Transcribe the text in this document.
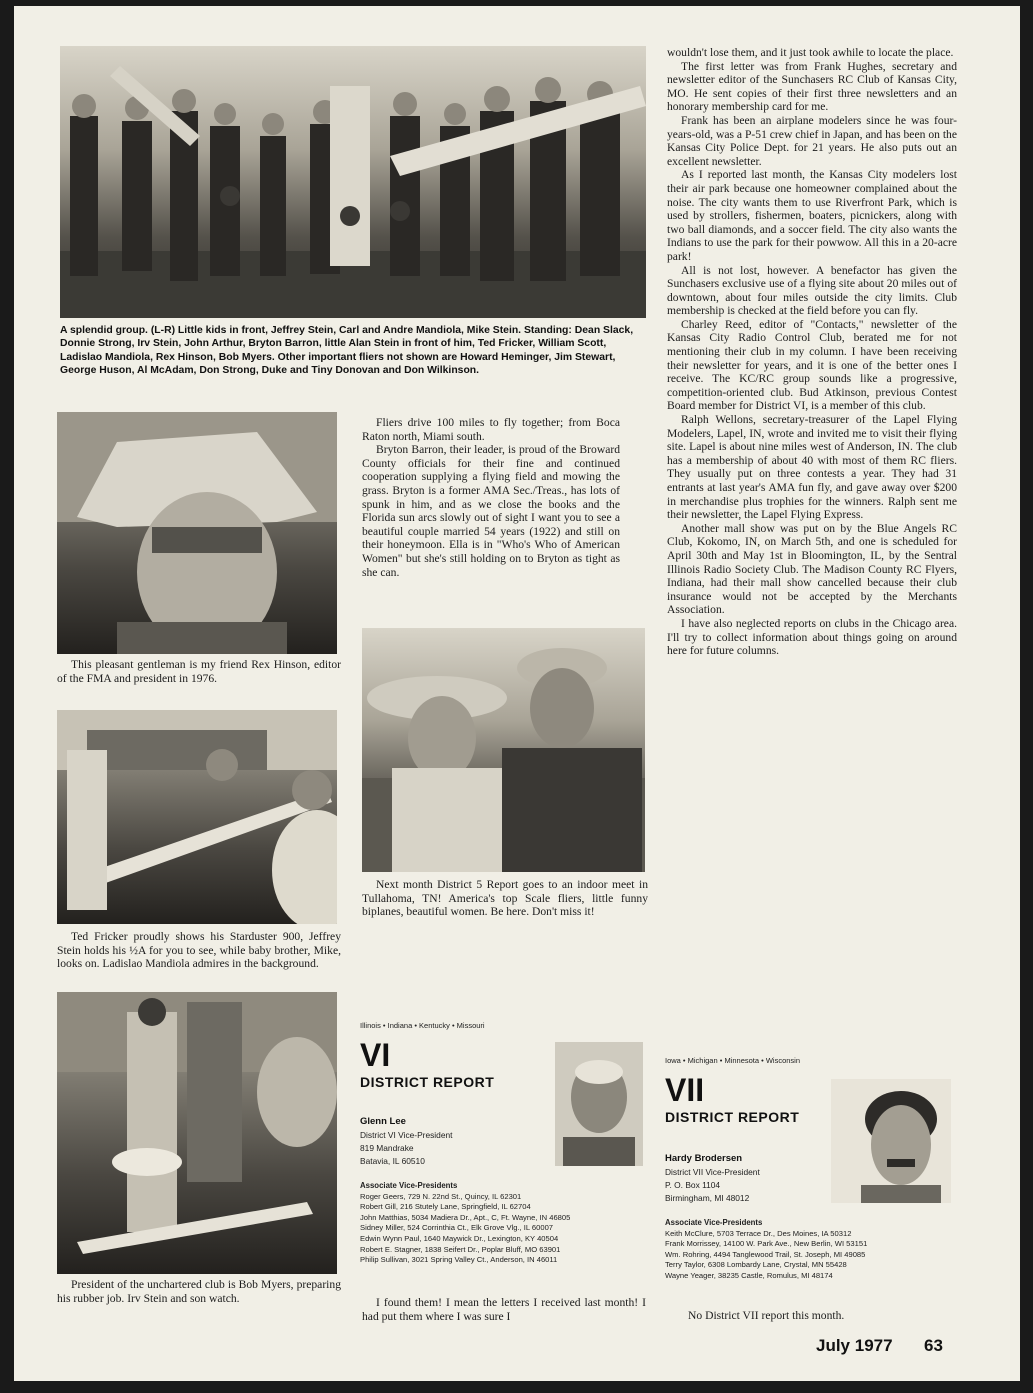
A splendid group. (L-R) Little kids in front, Jeffrey Stein, Carl and Andre Mandiola, Mike Stein. Standing: Dean Slack, Donnie Strong, Irv Stein, John Arthur, Bryton Barron, little Alan Stein in front of him, Ted Fricker, William Scott, Ladislao Mandiola, Rex Hinson, Bob Myers. Other important fliers not shown are Howard Heminger, Jim Stewart, George Huson, Al McAdam, Don Strong, Duke and Tiny Donovan and Don Wilkinson.

This pleasant gentleman is my friend Rex Hinson, editor of the FMA and president in 1976.

Ted Fricker proudly shows his Starduster 900, Jeffrey Stein holds his ½A for you to see, while baby brother, Mike, looks on. Ladislao Mandiola admires in the background.

President of the unchartered club is Bob Myers, preparing his rubber job. Irv Stein and son watch.

Fliers drive 100 miles to fly together; from Boca Raton north, Miami south.

Bryton Barron, their leader, is proud of the Broward County officials for their fine and continued cooperation supplying a flying field and mowing the grass. Bryton is a former AMA Sec./Treas., has lots of spunk in him, and as we close the books and the Florida sun arcs slowly out of sight I want you to see a beautiful couple married 54 years (1922) and still on their honeymoon. Ella is in "Who's Who of American Women" but she's still holding on to Bryton as tight as she can.

Next month District 5 Report goes to an indoor meet in Tullahoma, TN! America's top Scale fliers, little funny biplanes, beautiful women. Be here. Don't miss it!

Illinois • Indiana • Kentucky • Missouri
VI
DISTRICT REPORT
Glenn Lee
District VI Vice-President
819 Mandrake
Batavia, IL 60510
Associate Vice-Presidents
Roger Geers, 729 N. 22nd St., Quincy, IL 62301
Robert Gill, 216 Stutely Lane, Springfield, IL 62704
John Matthias, 5034 Madiera Dr., Apt., C, Ft. Wayne, IN 46805
Sidney Miller, 524 Corrinthia Ct., Elk Grove Vlg., IL 60007
Edwin Wynn Paul, 1640 Maywick Dr., Lexington, KY 40504
Robert E. Stagner, 1838 Seifert Dr., Poplar Bluff, MO 63901
Philip Sullivan, 3021 Spring Valley Ct., Anderson, IN 46011

I found them! I mean the letters I received last month! I had put them where I was sure I

wouldn't lose them, and it just took awhile to locate the place.

The first letter was from Frank Hughes, secretary and newsletter editor of the Sunchasers RC Club of Kansas City, MO. He sent copies of their first three newsletters and an honorary membership card for me.

Frank has been an airplane modelers since he was four-years-old, was a P-51 crew chief in Japan, and has been on the Kansas City Police Dept. for 21 years. He also puts out an excellent newsletter.

As I reported last month, the Kansas City modelers lost their air park because one homeowner complained about the noise. The city wants them to use Riverfront Park, which is used by strollers, fishermen, boaters, picnickers, along with two ball diamonds, and a soccer field. The city also wants the Indians to use the park for their powwow. All this in a 20-acre park!

All is not lost, however. A benefactor has given the Sunchasers exclusive use of a flying site about 20 miles out of downtown, about four miles outside the city limits. Club membership is checked at the field before you can fly.

Charley Reed, editor of "Contacts," newsletter of the Kansas City Radio Control Club, berated me for not mentioning their club in my column. I have been receiving their newsletter for years, and it is one of the better ones I receive. The KC/RC group sounds like a progressive, competition-oriented club. Bud Atkinson, previous Contest Board member for District VI, is a member of this club.

Ralph Wellons, secretary-treasurer of the Lapel Flying Modelers, Lapel, IN, wrote and invited me to visit their flying site. Lapel is about nine miles west of Anderson, IN. The club has a membership of about 40 with most of them RC fliers. They usually put on three contests a year. They had 31 entrants at last year's AMA fun fly, and gave away over $200 in merchandise plus trophies for the winners. Ralph sent me their newsletter, the Lapel Flying Express.

Another mall show was put on by the Blue Angels RC Club, Kokomo, IN, on March 5th, and one is scheduled for April 30th and May 1st in Bloomington, IL, by the Sentral Illinois Radio Society Club. The Madison County RC Flyers, Indiana, had their mall show cancelled because their club insurance would not be accepted by the Merchants Association.

I have also neglected reports on clubs in the Chicago area. I'll try to collect information about things going on around here for future columns.

Iowa • Michigan • Minnesota • Wisconsin
VII
DISTRICT REPORT
Hardy Brodersen
District VII Vice-President
P. O. Box 1104
Birmingham, MI 48012
Associate Vice-Presidents
Keith McClure, 5703 Terrace Dr., Des Moines, IA 50312
Frank Morrissey, 14100 W. Park Ave., New Berlin, WI 53151
Wm. Rohring, 4494 Tanglewood Trail, St. Joseph, MI 49085
Terry Taylor, 6308 Lombardy Lane, Crystal, MN 55428
Wayne Yeager, 38235 Castle, Romulus, MI 48174

No District VII report this month.

July 1977 63
